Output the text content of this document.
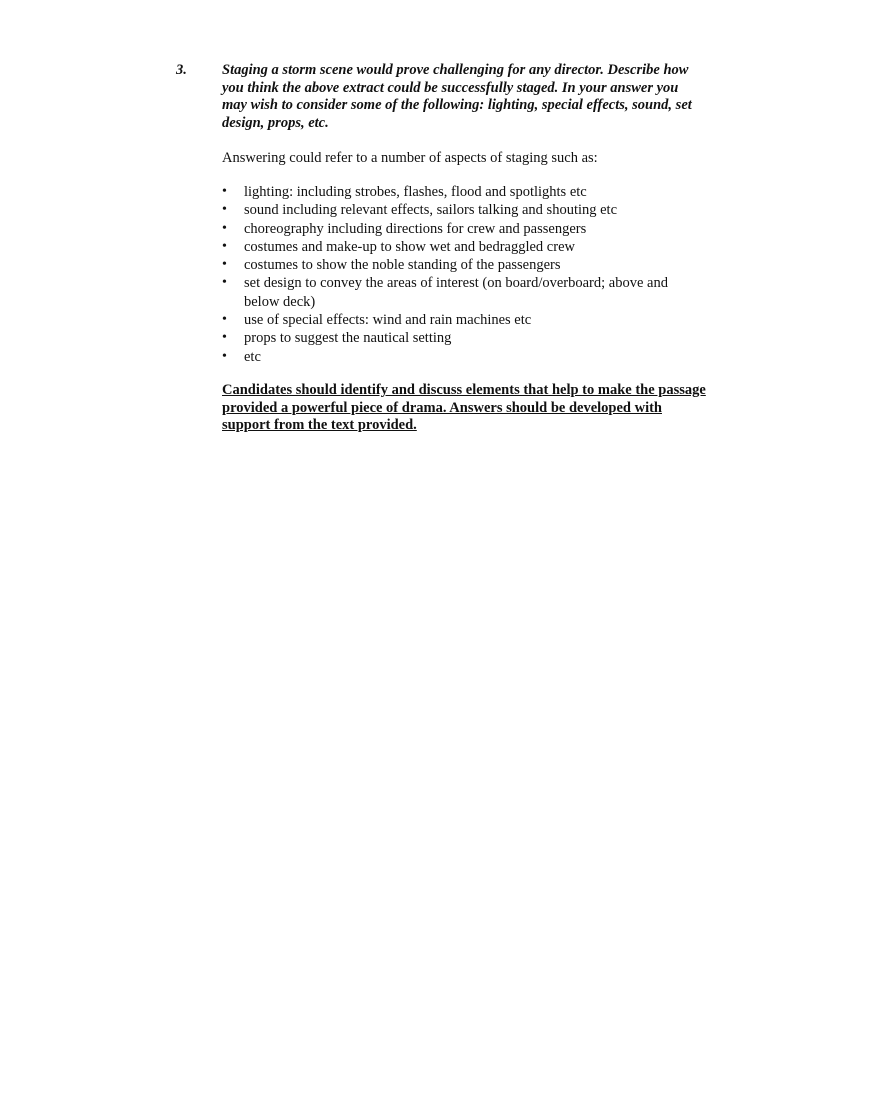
3. Staging a storm scene would prove challenging for any director. Describe how you think the above extract could be successfully staged. In your answer you may wish to consider some of the following: lighting, special effects, sound, set design, props, etc.

Answering could refer to a number of aspects of staging such as:

• lighting: including strobes, flashes, flood and spotlights etc
• sound including relevant effects, sailors talking and shouting etc
• choreography including directions for crew and passengers
• costumes and make-up to show wet and bedraggled crew
• costumes to show the noble standing of the passengers
• set design to convey the areas of interest (on board/overboard; above and below deck)
• use of special effects: wind and rain machines etc
• props to suggest the nautical setting
• etc

Candidates should identify and discuss elements that help to make the passage provided a powerful piece of drama. Answers should be developed with support from the text provided.
